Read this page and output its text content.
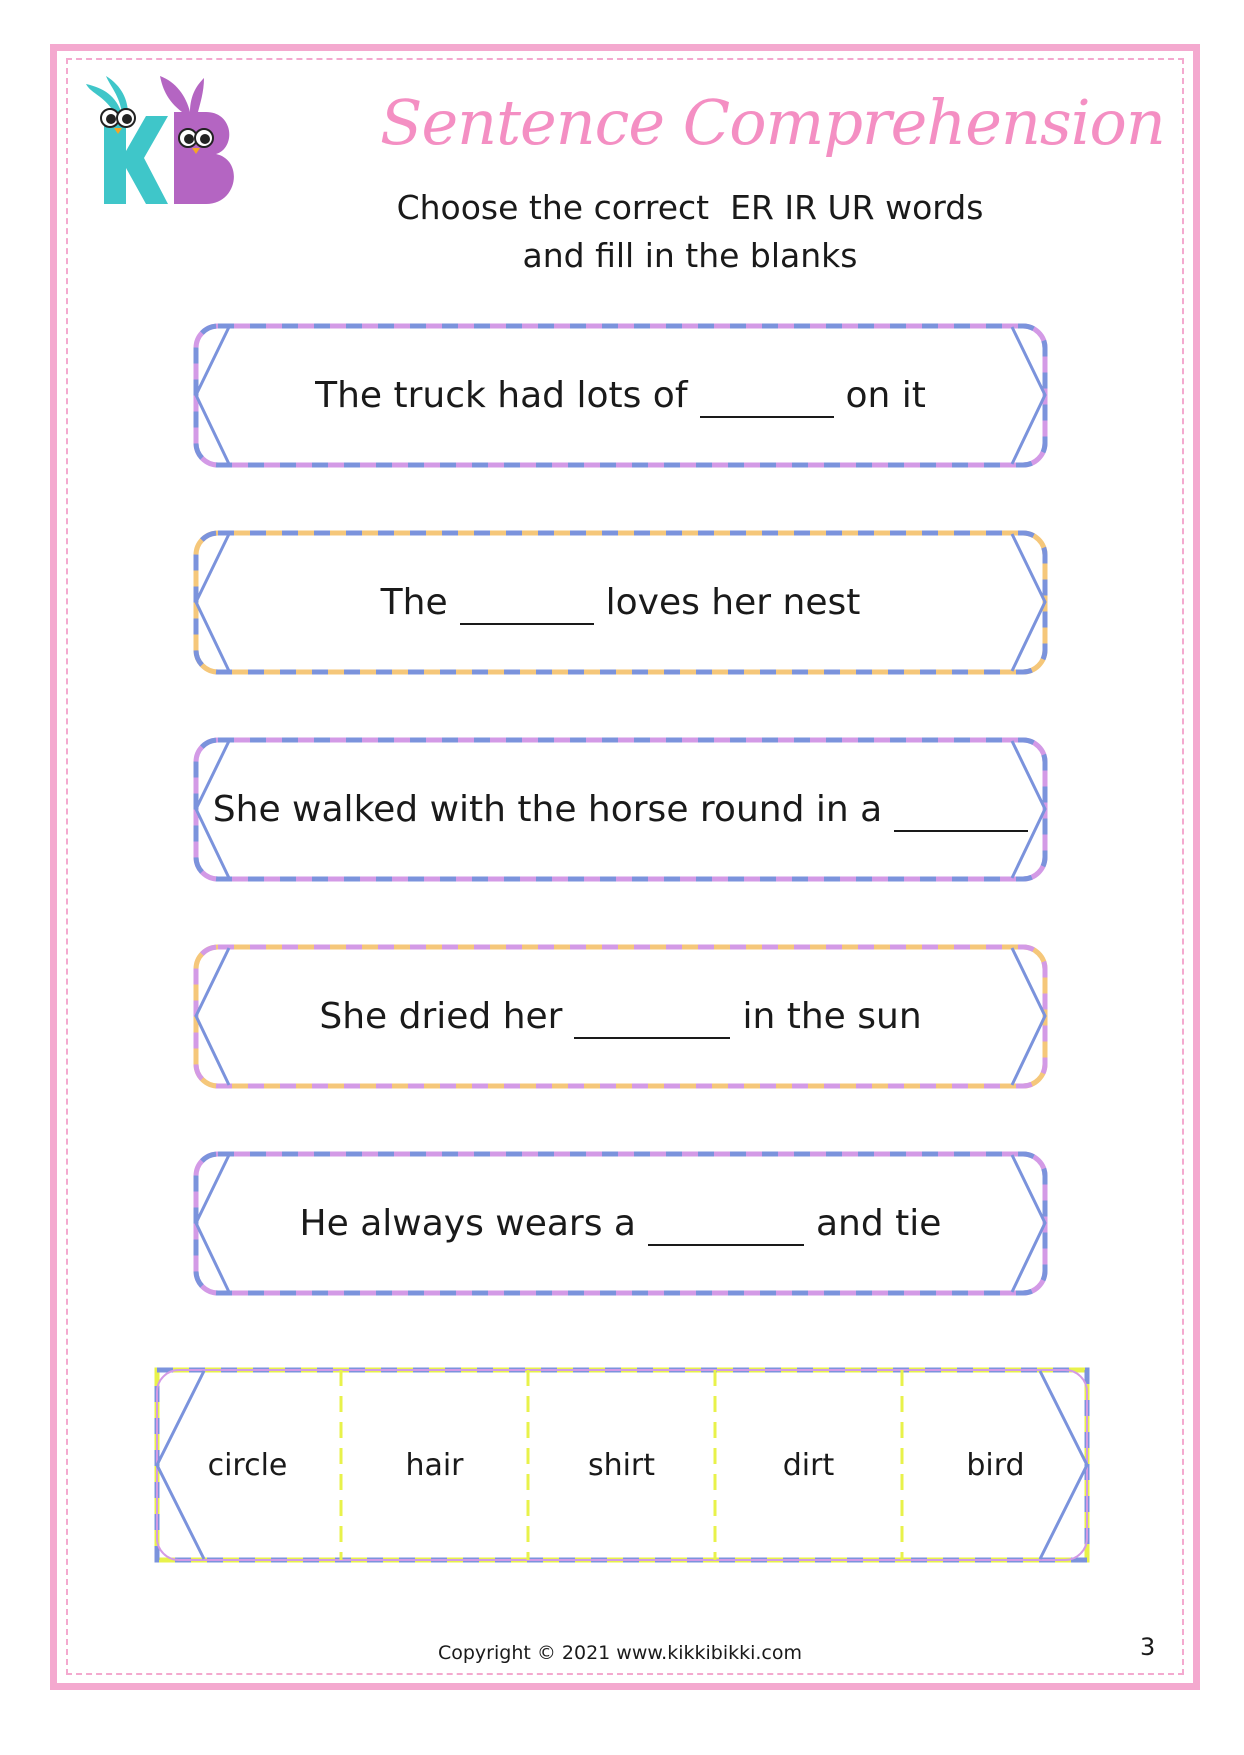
Sentence Comprehension
Choose the correct  ER IR UR words
and fill in the blanks
The truck had lots of	on it
The	loves her nest
She walked with the horse round in a
She dried her	in the sun
He always wears a	and tie
circle	hair	shirt	dirt	bird
Copyright © 2021 www.kikkibikki.com	3
